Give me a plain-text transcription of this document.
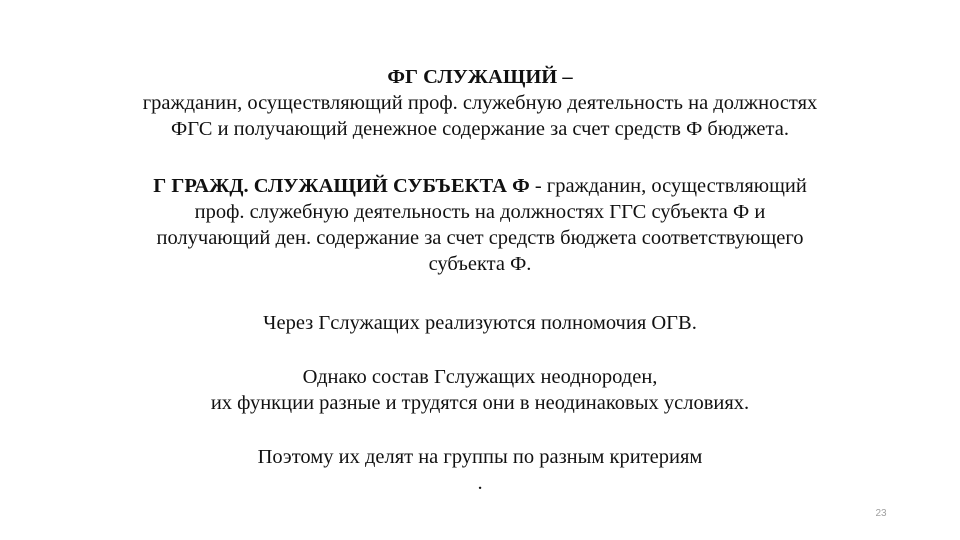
ФГ СЛУЖАЩИЙ –
гражданин, осуществляющий проф. служебную деятельность на должностях
ФГС и получающий денежное содержание за счет средств Ф бюджета.
Г ГРАЖД. СЛУЖАЩИЙ СУБЪЕКТА Ф - гражданин, осуществляющий
проф. служебную деятельность на должностях ГГС субъекта Ф и
получающий ден. содержание за счет средств бюджета соответствующего
субъекта Ф.
Через Гслужащих реализуются полномочия ОГВ.
Однако состав Гслужащих неоднороден,
их функции разные и трудятся они в неодинаковых условиях.
Поэтому их делят на группы по разным критериям
.
23
